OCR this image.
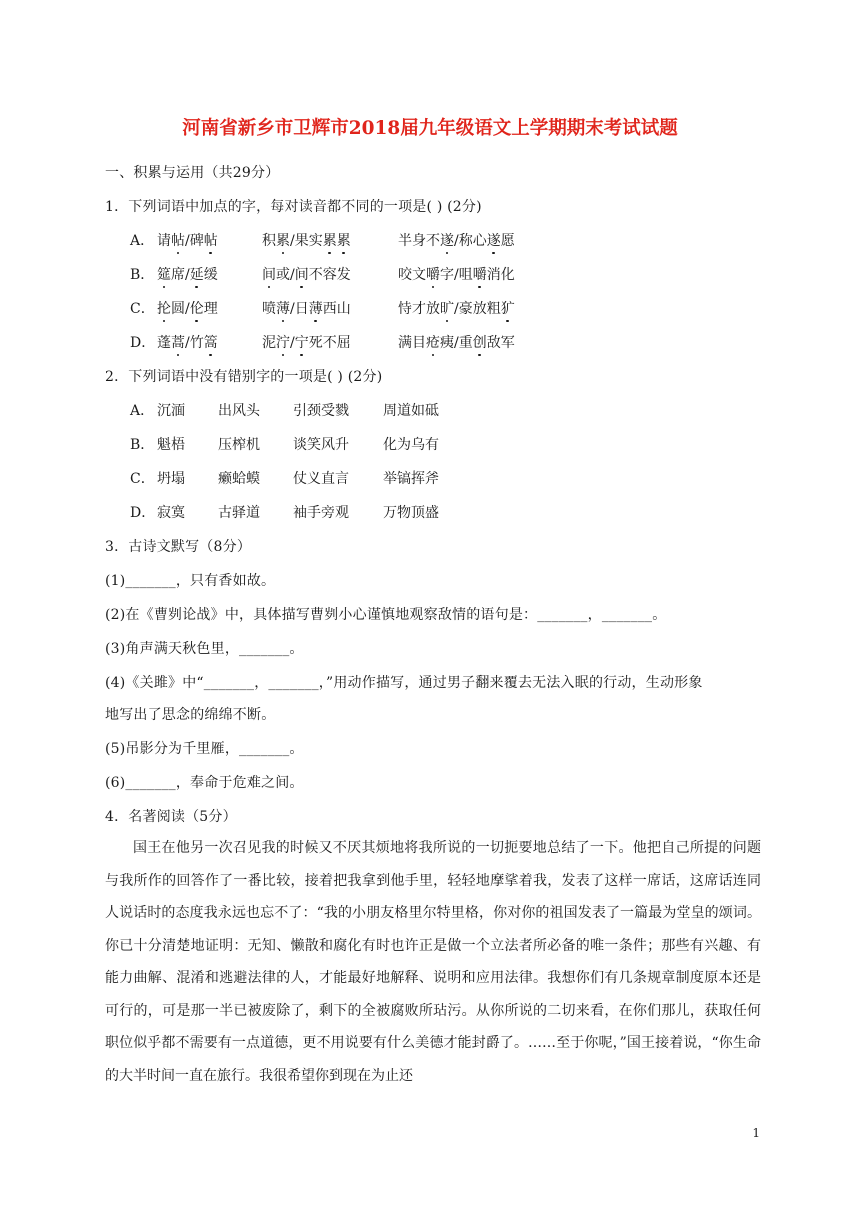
河南省新乡市卫辉市2018届九年级语文上学期期末考试试题
一、积累与运用（共29分）
1．下列词语中加点的字，每对读音都不同的一项是( ) (2分)
A． 请帖/碑帖	积累/果实累累	半身不遂/称心遂愿
B． 筵席/延缓	间或/间不容发	咬文嚼字/咀嚼消化
C． 抡圆/伦理	喷薄/日薄西山	恃才放旷/豪放粗犷
D． 蓬蒿/竹篙	泥泞/宁死不屈	满目疮痍/重创敌军
2．下列词语中没有错别字的一项是( ) (2分)
A． 沉湎 出风头 引颈受戮 周道如砥
B． 魁梧 压榨机 谈笑风升 化为乌有
C． 坍塌 癞蛤蟆 仗义直言 举镐挥斧
D． 寂寞 古驿道 袖手旁观 万物顶盛
3．古诗文默写（8分）
(1)_______，只有香如故。
(2)在《曹刿论战》中，具体描写曹刿小心谨慎地观察敌情的语句是：_______，_______。
(3)角声满天秋色里，_______。
(4)《关雎》中“_______，_______，”用动作描写，通过男子翻来覆去无法入眠的行动，生动形象
地写出了思念的绵绵不断。
(5)吊影分为千里雁，_______。
(6)_______，奉命于危难之间。
4．名著阅读（5分）
国王在他另一次召见我的时候又不厌其烦地将我所说的一切扼要地总结了一下。他把自己所提的问题与我所作的回答作了一番比较，接着把我拿到他手里，轻轻地摩挲着我，发表了这样一席话，这席话连同人说话时的态度我永远也忘不了：“我的小朋友格里尔特里格，你对你的祖国发表了一篇最为堂皇的颂词。你已十分清楚地证明：无知、懒散和腐化有时也许正是做一个立法者所必备的唯一条件；那些有兴趣、有能力曲解、混淆和逃避法律的人，才能最好地解释、说明和应用法律。我想你们有几条规章制度原本还是可行的，可是那一半已被废除了，剩下的全被腐败所玷污。从你所说的二切来看，在你们那儿，获取任何职位似乎都不需要有一点道德，更不用说要有什么美德才能封爵了。……至于你呢，”国王接着说，“你生命的大半时间一直在旅行。我很希望你到现在为止还
1
